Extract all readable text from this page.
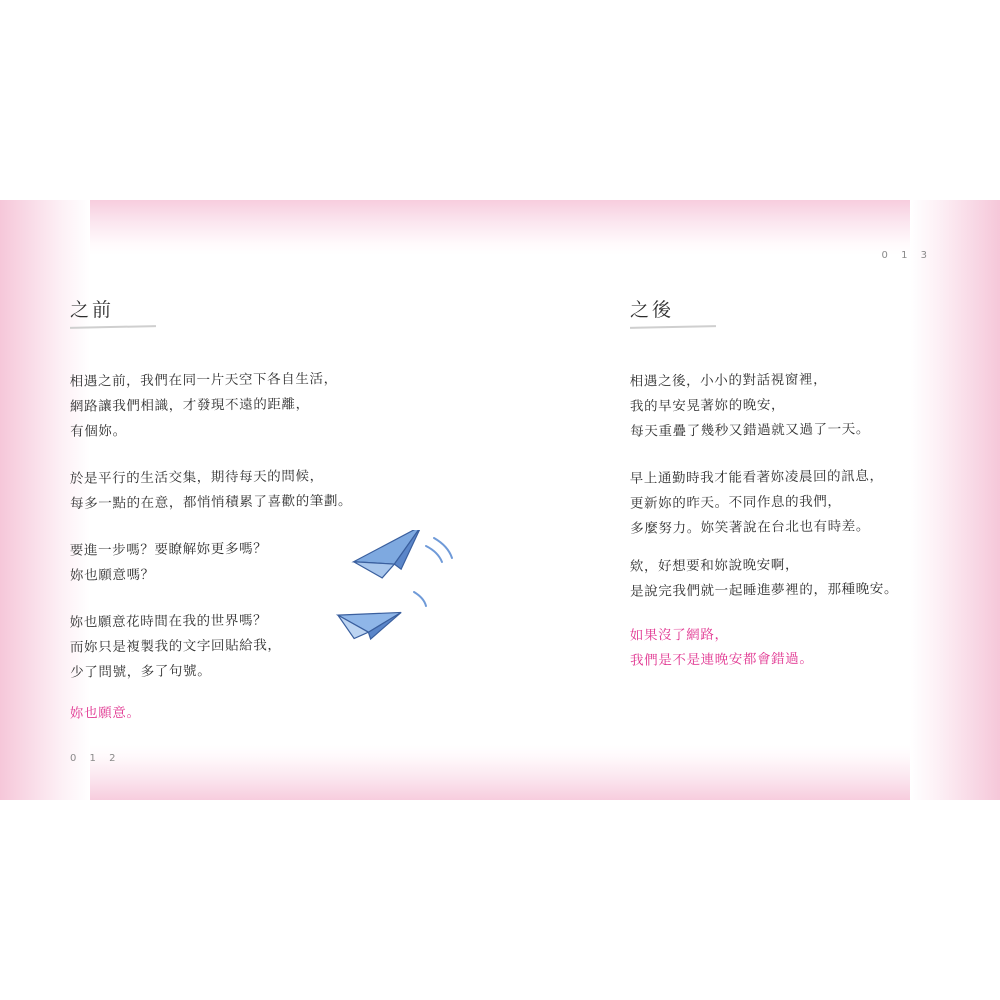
之前
相遇之前，我們在同一片天空下各自生活，
網路讓我們相識，才發現不遠的距離，
有個妳。
於是平行的生活交集，期待每天的問候，
每多一點的在意，都悄悄積累了喜歡的筆劃。
要進一步嗎？要瞭解妳更多嗎？
妳也願意嗎？
妳也願意花時間在我的世界嗎？
而妳只是複製我的文字回貼給我，
少了問號，多了句號。
妳也願意。
0 1 2
0 1 3
之後
相遇之後，小小的對話視窗裡，
我的早安晃著妳的晚安，
每天重疊了幾秒又錯過就又過了一天。
早上通勤時我才能看著妳凌晨回的訊息，
更新妳的昨天。不同作息的我們，
多麼努力。妳笑著說在台北也有時差。
欸，好想要和妳說晚安啊，
是說完我們就一起睡進夢裡的，那種晚安。
如果沒了網路，
我們是不是連晚安都會錯過。
